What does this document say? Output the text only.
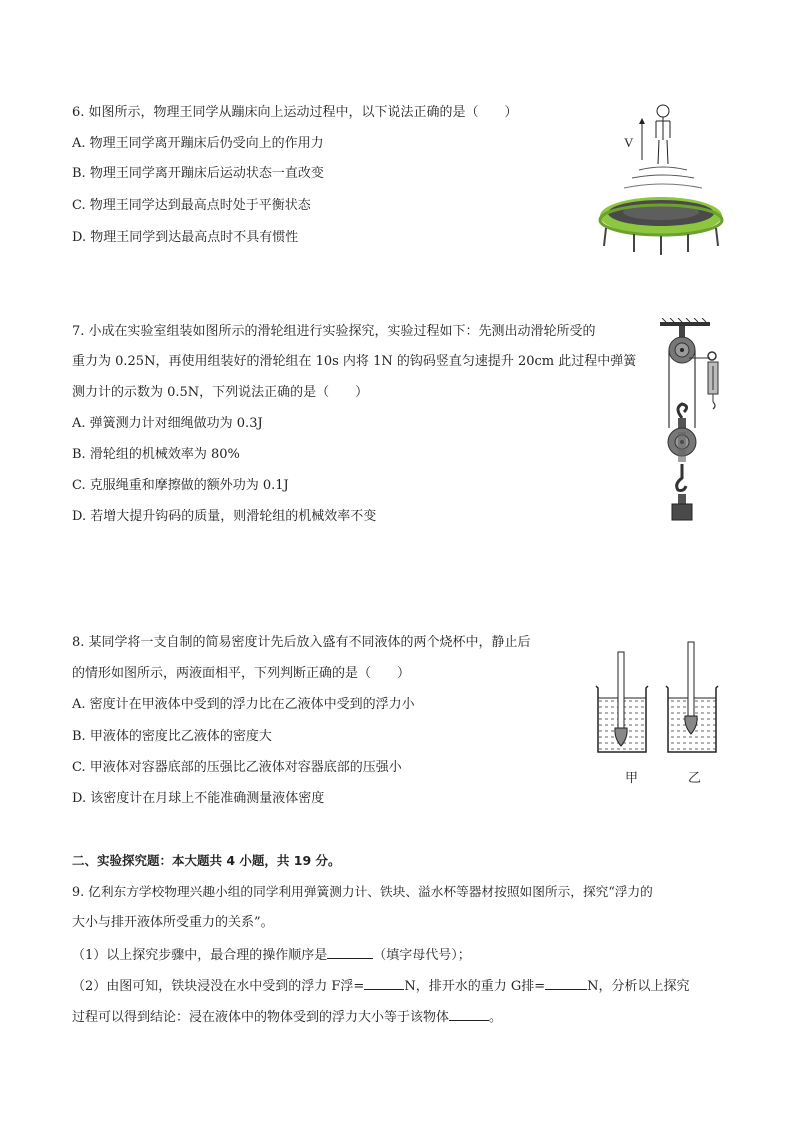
6. 如图所示，物理王同学从蹦床向上运动过程中，以下说法正确的是（　　）
A. 物理王同学离开蹦床后仍受向上的作用力
B. 物理王同学离开蹦床后运动状态一直改变
C. 物理王同学达到最高点时处于平衡状态
D. 物理王同学到达最高点时不具有惯性
V
7. 小成在实验室组装如图所示的滑轮组进行实验探究，实验过程如下：先测出动滑轮所受的
重力为 0.25N，再使用组装好的滑轮组在 10s 内将 1N 的钩码竖直匀速提升 20cm 此过程中弹簧
测力计的示数为 0.5N，下列说法正确的是（　　）
A. 弹簧测力计对细绳做功为 0.3J
B. 滑轮组的机械效率为 80%
C. 克服绳重和摩擦做的额外功为 0.1J
D. 若增大提升钩码的质量，则滑轮组的机械效率不变
8. 某同学将一支自制的简易密度计先后放入盛有不同液体的两个烧杯中，静止后
的情形如图所示，两液面相平，下列判断正确的是（　　）
A. 密度计在甲液体中受到的浮力比在乙液体中受到的浮力小
B. 甲液体的密度比乙液体的密度大
C. 甲液体对容器底部的压强比乙液体对容器底部的压强小
D. 该密度计在月球上不能准确测量液体密度
甲	乙
二、实验探究题：本大题共 4 小题，共 19 分。
9. 亿利东方学校物理兴趣小组的同学利用弹簧测力计、铁块、溢水杯等器材按照如图所示，探究“浮力的
大小与排开液体所受重力的关系”。
（1）以上探究步骤中，最合理的操作顺序是	（填字母代号）；
（2）由图可知，铁块浸没在水中受到的浮力 F浮=	N，排开水的重力 G排=	N，分析以上探究
过程可以得到结论：浸在液体中的物体受到的浮力大小等于该物体	。
